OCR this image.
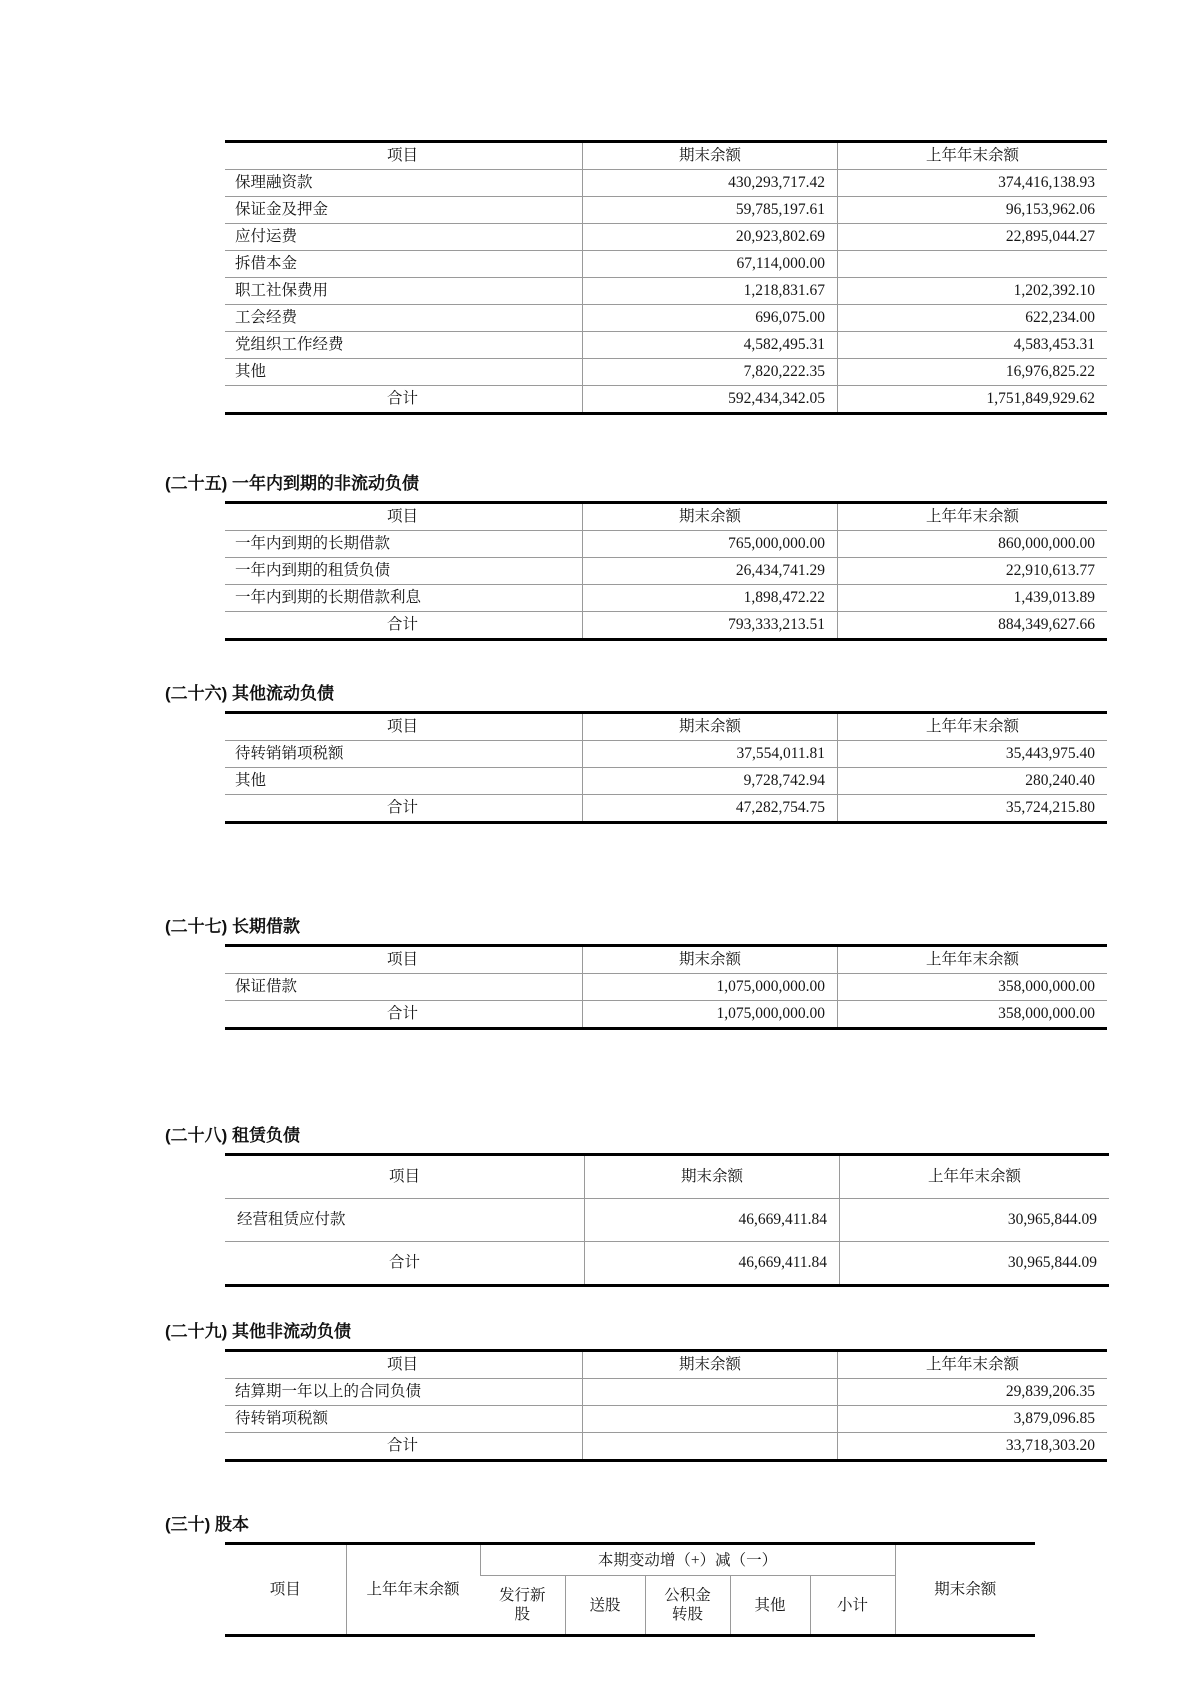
项目	期末余额	上年年末余额
保理融资款	430,293,717.42	374,416,138.93
保证金及押金	59,785,197.61	96,153,962.06
应付运费	20,923,802.69	22,895,044.27
拆借本金	67,114,000.00	
职工社保费用	1,218,831.67	1,202,392.10
工会经费	696,075.00	622,234.00
党组织工作经费	4,582,495.31	4,583,453.31
其他	7,820,222.35	16,976,825.22
合计	592,434,342.05	1,751,849,929.62
(二十五) 一年内到期的非流动负债
项目	期末余额	上年年末余额
一年内到期的长期借款	765,000,000.00	860,000,000.00
一年内到期的租赁负债	26,434,741.29	22,910,613.77
一年内到期的长期借款利息	1,898,472.22	1,439,013.89
合计	793,333,213.51	884,349,627.66
(二十六) 其他流动负债
项目	期末余额	上年年末余额
待转销销项税额	37,554,011.81	35,443,975.40
其他	9,728,742.94	280,240.40
合计	47,282,754.75	35,724,215.80
(二十七) 长期借款
项目	期末余额	上年年末余额
保证借款	1,075,000,000.00	358,000,000.00
合计	1,075,000,000.00	358,000,000.00
(二十八) 租赁负债
项目	期末余额	上年年末余额
经营租赁应付款	46,669,411.84	30,965,844.09
合计	46,669,411.84	30,965,844.09
(二十九) 其他非流动负债
项目	期末余额	上年年末余额
结算期一年以上的合同负债		29,839,206.35
待转销项税额		3,879,096.85
合计		33,718,303.20
(三十) 股本
项目	上年年末余额	本期变动增（+）减（一）					期末余额
		发行新股	送股	公积金转股	其他	小计	
